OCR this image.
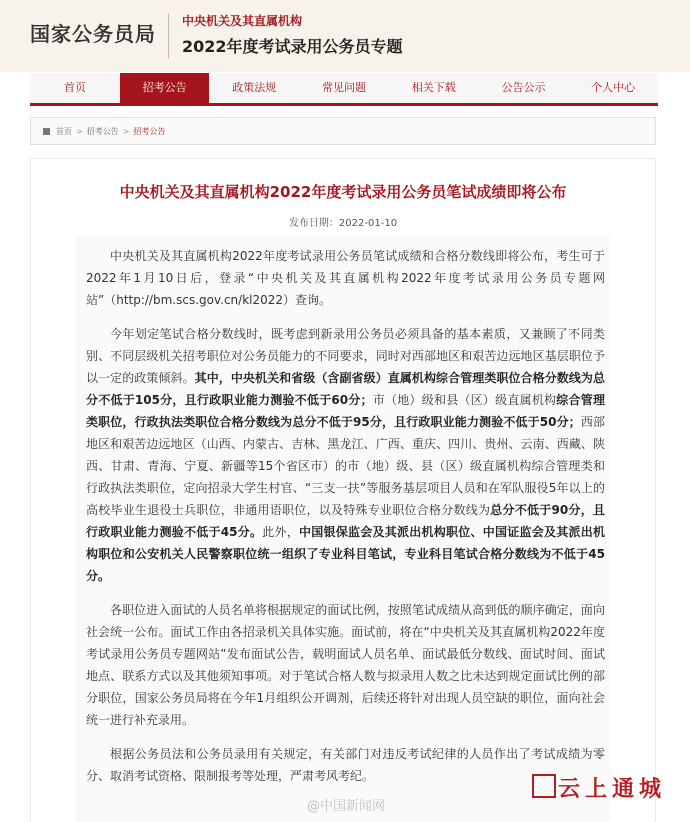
国家公务员局
中央机关及其直属机构
2022年度考试录用公务员专题
首页	招考公告	政策法规	常见问题	相关下载	公告公示	个人中心
首页 > 招考公告 > 招考公告
中央机关及其直属机构2022年度考试录用公务员笔试成绩即将公布
发布日期：2022-01-10

中央机关及其直属机构2022年度考试录用公务员笔试成绩和合格分数线即将公布，考生可于2022年1月10日后，登录“中央机关及其直属机构2022年度考试录用公务员专题网站”（http://bm.scs.gov.cn/kl2022）查询。

今年划定笔试合格分数线时，既考虑到新录用公务员必须具备的基本素质，又兼顾了不同类别、不同层级机关招考职位对公务员能力的不同要求，同时对西部地区和艰苦边远地区基层职位予以一定的政策倾斜。其中，中央机关和省级（含副省级）直属机构综合管理类职位合格分数线为总分不低于105分，且行政职业能力测验不低于60分；市（地）级和县（区）级直属机构综合管理类职位，行政执法类职位合格分数线为总分不低于95分，且行政职业能力测验不低于50分；西部地区和艰苦边远地区（山西、内蒙古、吉林、黑龙江、广西、重庆、四川、贵州、云南、西藏、陕西、甘肃、青海、宁夏、新疆等15个省区市）的市（地）级、县（区）级直属机构综合管理类和行政执法类职位，定向招录大学生村官、“三支一扶”等服务基层项目人员和在军队服役5年以上的高校毕业生退役士兵职位，非通用语职位，以及特殊专业职位合格分数线为总分不低于90分，且行政职业能力测验不低于45分。此外，中国银保监会及其派出机构职位、中国证监会及其派出机构职位和公安机关人民警察职位统一组织了专业科目笔试，专业科目笔试合格分数线为不低于45分。

各职位进入面试的人员名单将根据规定的面试比例，按照笔试成绩从高到低的顺序确定，面向社会统一公布。面试工作由各招录机关具体实施。面试前，将在“中央机关及其直属机构2022年度考试录用公务员专题网站”发布面试公告，载明面试人员名单、面试最低分数线、面试时间、面试地点、联系方式以及其他须知事项。对于笔试合格人数与拟录用人数之比未达到规定面试比例的部分职位，国家公务员局将在今年1月组织公开调剂，后续还将针对出现人员空缺的职位，面向社会统一进行补充录用。

根据公务员法和公务员录用有关规定，有关部门对违反考试纪律的人员作出了考试成绩为零分、取消考试资格、限制报考等处理，严肃考风考纪。

@中国新闻网
云上通城
